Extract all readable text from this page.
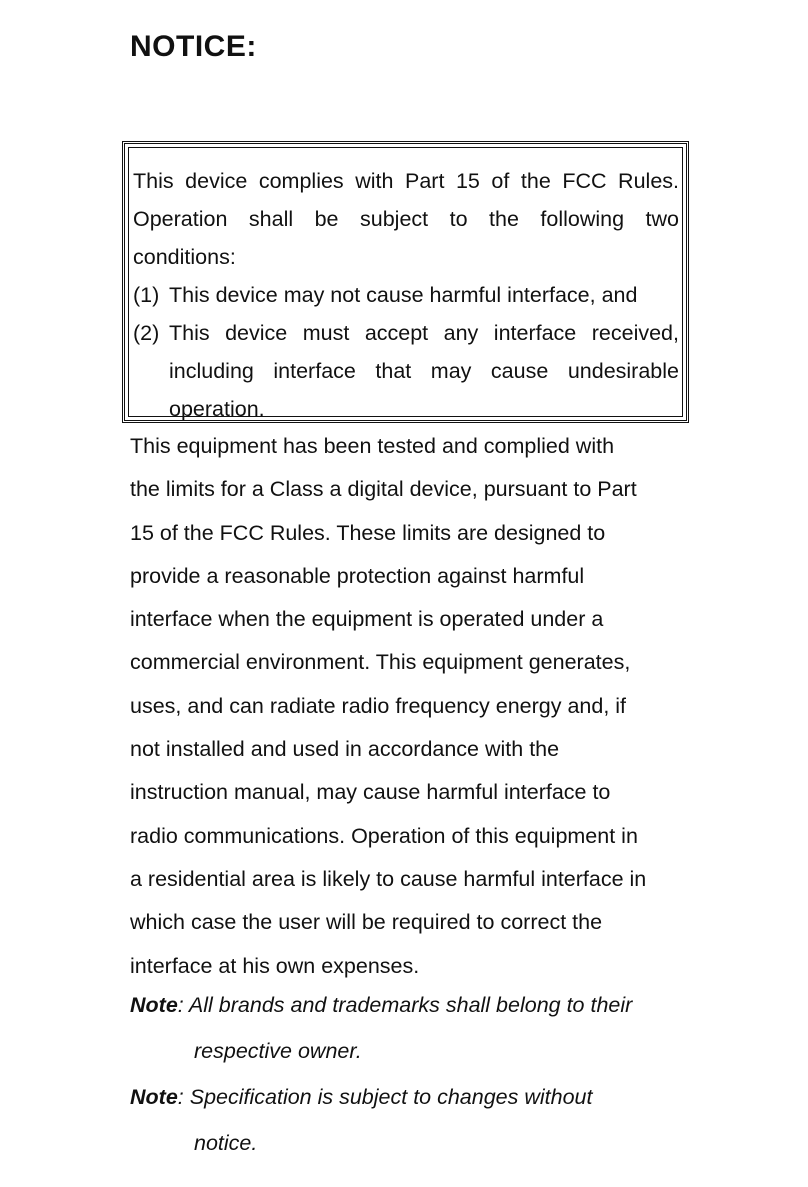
NOTICE:
This device complies with Part 15 of the FCC Rules.
Operation shall be subject to the following two
conditions:
(1) This device may not cause harmful interface, and
(2) This device must accept any interface received, including interface that may cause undesirable operation.
This equipment has been tested and complied with
the limits for a Class a digital device, pursuant to Part
15 of the FCC Rules. These limits are designed to
provide a reasonable protection against harmful
interface when the equipment is operated under a
commercial environment. This equipment generates,
uses, and can radiate radio frequency energy and, if
not installed and used in accordance with the
instruction manual, may cause harmful interface to
radio communications. Operation of this equipment in
a residential area is likely to cause harmful interface in
which case the user will be required to correct the
interface at his own expenses.
Note: All brands and trademarks shall belong to their
respective owner.
Note: Specification is subject to changes without
notice.
